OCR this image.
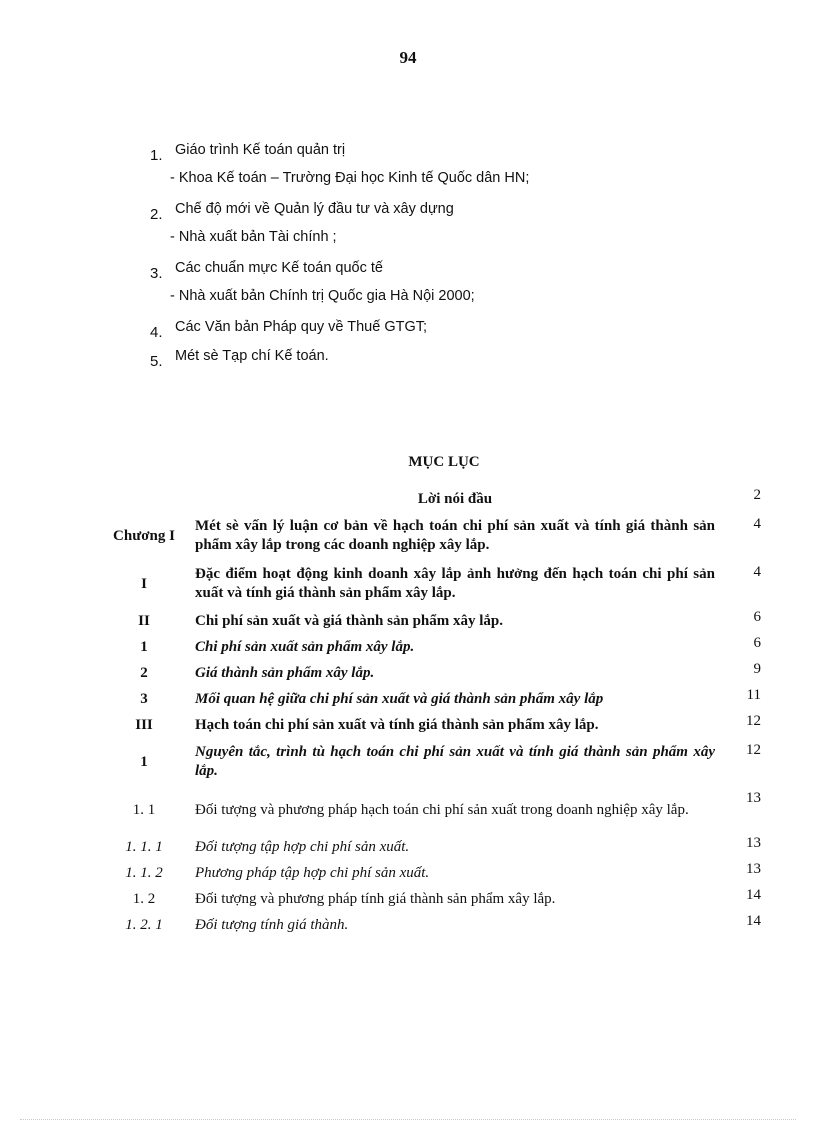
94
1. Giáo trình Kế toán quản trị
- Khoa Kế toán – Trường Đại học Kinh tế Quốc dân HN;
2. Chế độ mới về Quản lý đầu tư và xây dựng
- Nhà xuất bản Tài chính ;
3. Các chuẩn mực Kế toán quốc tế
- Nhà xuất bản Chính trị Quốc gia Hà Nội 2000;
4. Các Văn bản Pháp quy về Thuế GTGT;
5. Mét sè Tạp chí Kế toán.
MỤC LỤC
	Lời nói đầu	2
Chương I	Mét sè vấn lý luận cơ bản về hạch toán chi phí sản xuất và tính giá thành sản phẩm xây lắp trong các doanh nghiệp xây lắp.	4
I	Đặc điểm hoạt động kinh doanh xây lắp ảnh hưởng đến hạch toán chi phí sản xuất và tính giá thành sản phẩm xây lắp.	4
II	Chi phí sản xuất và giá thành sản phẩm xây lắp.	6
1	Chi phí sản xuất sản phẩm xây lắp.	6
2	Giá thành sản phẩm xây lắp.	9
3	Mối quan hệ giữa chi phí sản xuất và giá thành sản phẩm xây lắp	11
III	Hạch toán chi phí sản xuất và tính giá thành sản phẩm xây lắp.	12
1	Nguyên tắc, trình tù hạch toán chi phí sản xuất và tính giá thành sản phẩm xây lắp.	12
1. 1	Đối tượng và phương pháp hạch toán chi phí sản xuất trong doanh nghiệp xây lắp.	13
1. 1. 1	Đối tượng tập hợp chi phí sản xuất.	13
1. 1. 2	Phương pháp tập hợp chi phí sản xuất.	13
1. 2	Đối tượng và phương pháp tính giá thành sản phẩm xây lắp.	14
1. 2. 1	Đối tượng tính giá thành.	14
